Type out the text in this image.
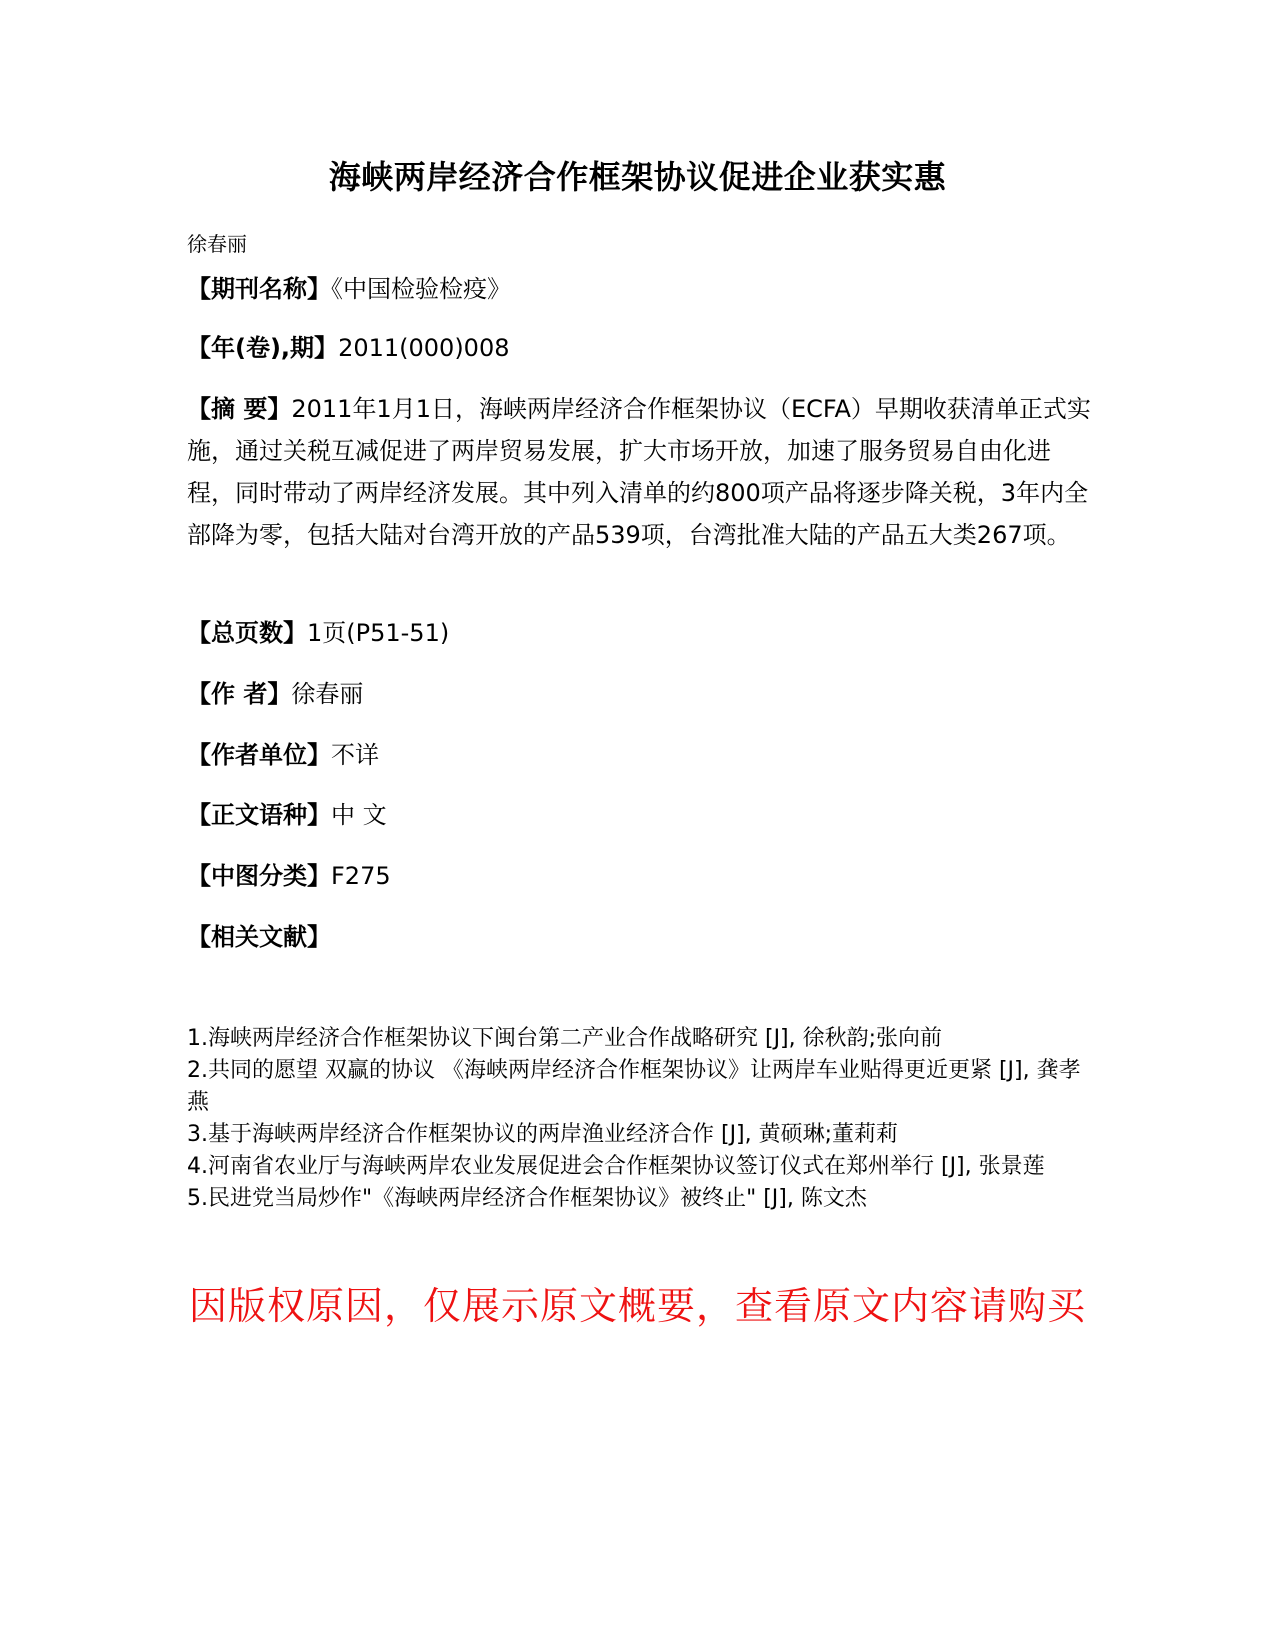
海峡两岸经济合作框架协议促进企业获实惠
徐春丽
【期刊名称】《中国检验检疫》
【年(卷),期】2011(000)008
【摘 要】2011年1月1日，海峡两岸经济合作框架协议（ECFA）早期收获清单正式实施，通过关税互减促进了两岸贸易发展，扩大市场开放，加速了服务贸易自由化进程，同时带动了两岸经济发展。其中列入清单的约800项产品将逐步降关税，3年内全部降为零，包括大陆对台湾开放的产品539项，台湾批准大陆的产品五大类267项。
【总页数】1页(P51-51)
【作 者】徐春丽
【作者单位】不详
【正文语种】中 文
【中图分类】F275
【相关文献】
1.海峡两岸经济合作框架协议下闽台第二产业合作战略研究 [J], 徐秋韵;张向前
2.共同的愿望 双赢的协议 《海峡两岸经济合作框架协议》让两岸车业贴得更近更紧 [J], 龚孝燕
3.基于海峡两岸经济合作框架协议的两岸渔业经济合作 [J], 黄硕琳;董莉莉
4.河南省农业厅与海峡两岸农业发展促进会合作框架协议签订仪式在郑州举行 [J], 张景莲
5.民进党当局炒作"《海峡两岸经济合作框架协议》被终止" [J], 陈文杰
因版权原因，仅展示原文概要，查看原文内容请购买
